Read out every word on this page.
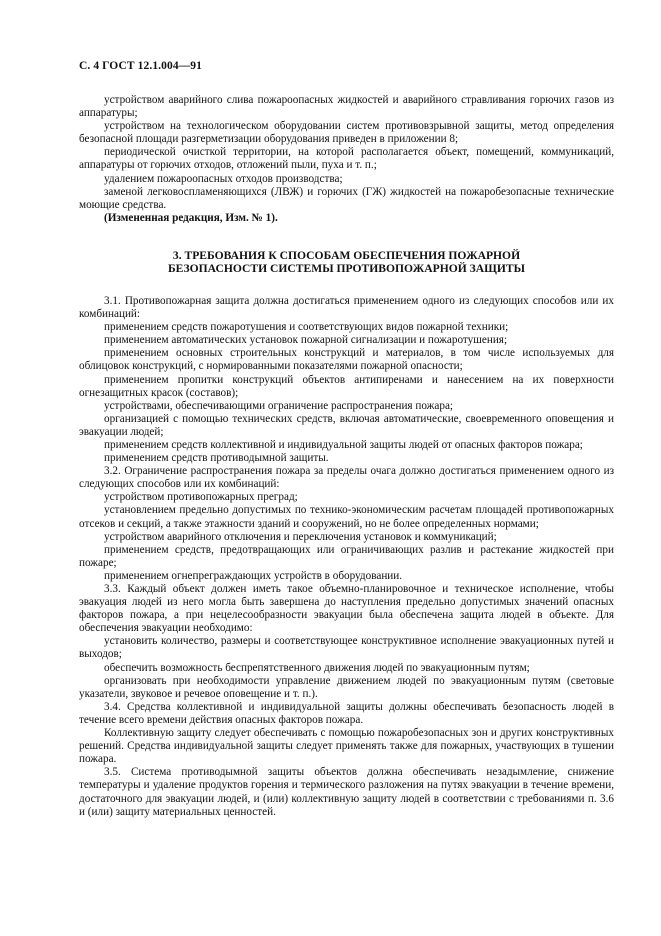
С. 4 ГОСТ 12.1.004—91

устройством аварийного слива пожароопасных жидкостей и аварийного стравливания горючих газов из аппаратуры;

устройством на технологическом оборудовании систем противовзрывной защиты, метод определения безопасной площади разгерметизации оборудования приведен в приложении 8;

периодической очисткой территории, на которой располагается объект, помещений, коммуникаций, аппаратуры от горючих отходов, отложений пыли, пуха и т. п.;

удалением пожароопасных отходов производства;

заменой легковоспламеняющихся (ЛВЖ) и горючих (ГЖ) жидкостей на пожаробезопасные технические моющие средства.

(Измененная редакция, Изм. № 1).

3. ТРЕБОВАНИЯ К СПОСОБАМ ОБЕСПЕЧЕНИЯ ПОЖАРНОЙ
БЕЗОПАСНОСТИ СИСТЕМЫ ПРОТИВОПОЖАРНОЙ ЗАЩИТЫ

3.1. Противопожарная защита должна достигаться применением одного из следующих способов или их комбинаций:

применением средств пожаротушения и соответствующих видов пожарной техники;

применением автоматических установок пожарной сигнализации и пожаротушения;

применением основных строительных конструкций и материалов, в том числе используемых для облицовок конструкций, с нормированными показателями пожарной опасности;

применением пропитки конструкций объектов антипиренами и нанесением на их поверхности огнезащитных красок (составов);

устройствами, обеспечивающими ограничение распространения пожара;

организацией с помощью технических средств, включая автоматические, своевременного оповещения и эвакуации людей;

применением средств коллективной и индивидуальной защиты людей от опасных факторов пожара;

применением средств противодымной защиты.

3.2. Ограничение распространения пожара за пределы очага должно достигаться применением одного из следующих способов или их комбинаций:

устройством противопожарных преград;

установлением предельно допустимых по технико-экономическим расчетам площадей противопожарных отсеков и секций, а также этажности зданий и сооружений, но не более определенных нормами;

устройством аварийного отключения и переключения установок и коммуникаций;

применением средств, предотвращающих или ограничивающих разлив и растекание жидкостей при пожаре;

применением огнепреграждающих устройств в оборудовании.

3.3. Каждый объект должен иметь такое объемно-планировочное и техническое исполнение, чтобы эвакуация людей из него могла быть завершена до наступления предельно допустимых значений опасных факторов пожара, а при нецелесообразности эвакуации была обеспечена защита людей в объекте. Для обеспечения эвакуации необходимо:

установить количество, размеры и соответствующее конструктивное исполнение эвакуационных путей и выходов;

обеспечить возможность беспрепятственного движения людей по эвакуационным путям;

организовать при необходимости управление движением людей по эвакуационным путям (световые указатели, звуковое и речевое оповещение и т. п.).

3.4. Средства коллективной и индивидуальной защиты должны обеспечивать безопасность людей в течение всего времени действия опасных факторов пожара.

Коллективную защиту следует обеспечивать с помощью пожаробезопасных зон и других конструктивных решений. Средства индивидуальной защиты следует применять также для пожарных, участвующих в тушении пожара.

3.5. Система противодымной защиты объектов должна обеспечивать незадымление, снижение температуры и удаление продуктов горения и термического разложения на путях эвакуации в течение времени, достаточного для эвакуации людей, и (или) коллективную защиту людей в соответствии с требованиями п. 3.6 и (или) защиту материальных ценностей.
